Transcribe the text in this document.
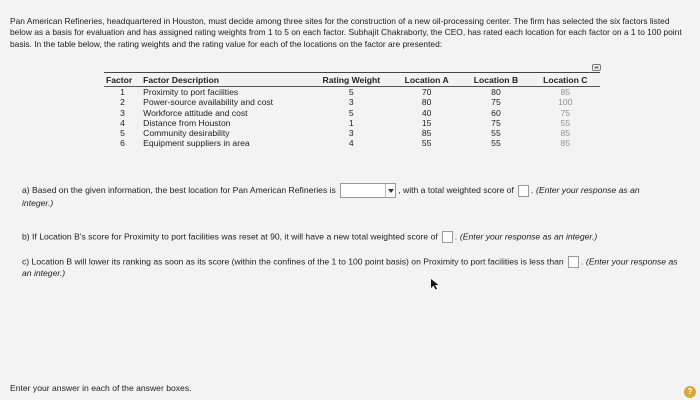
Pan American Refineries, headquartered in Houston, must decide among three sites for the construction of a new oil-processing center. The firm has selected the six factors listed below as a basis for evaluation and has assigned rating weights from 1 to 5 on each factor. Subhajit Chakraborty, the CEO, has rated each location for each factor on a 1 to 100 point basis. In the table below, the rating weights and the rating value for each of the locations on the factor are presented:

Factor	Factor Description	Rating Weight	Location A	Location B	Location C
1	Proximity to port facilities	5	70	80	85
2	Power-source availability and cost	3	80	75	100
3	Workforce attitude and cost	5	40	60	75
4	Distance from Houston	1	15	75	55
5	Community desirability	3	85	55	85
6	Equipment suppliers in area	4	55	55	85
a) Based on the given information, the best location for Pan American Refineries is	, with a total weighted score of . (Enter your response as an integer.)
b) If Location B's score for Proximity to port facilities was reset at 90, it will have a new total weighted score of . (Enter your response as an integer.)
c) Location B will lower its ranking as soon as its score (within the confines of the 1 to 100 point basis) on Proximity to port facilities is less than . (Enter your response as an integer.)
Enter your answer in each of the answer boxes.	?
